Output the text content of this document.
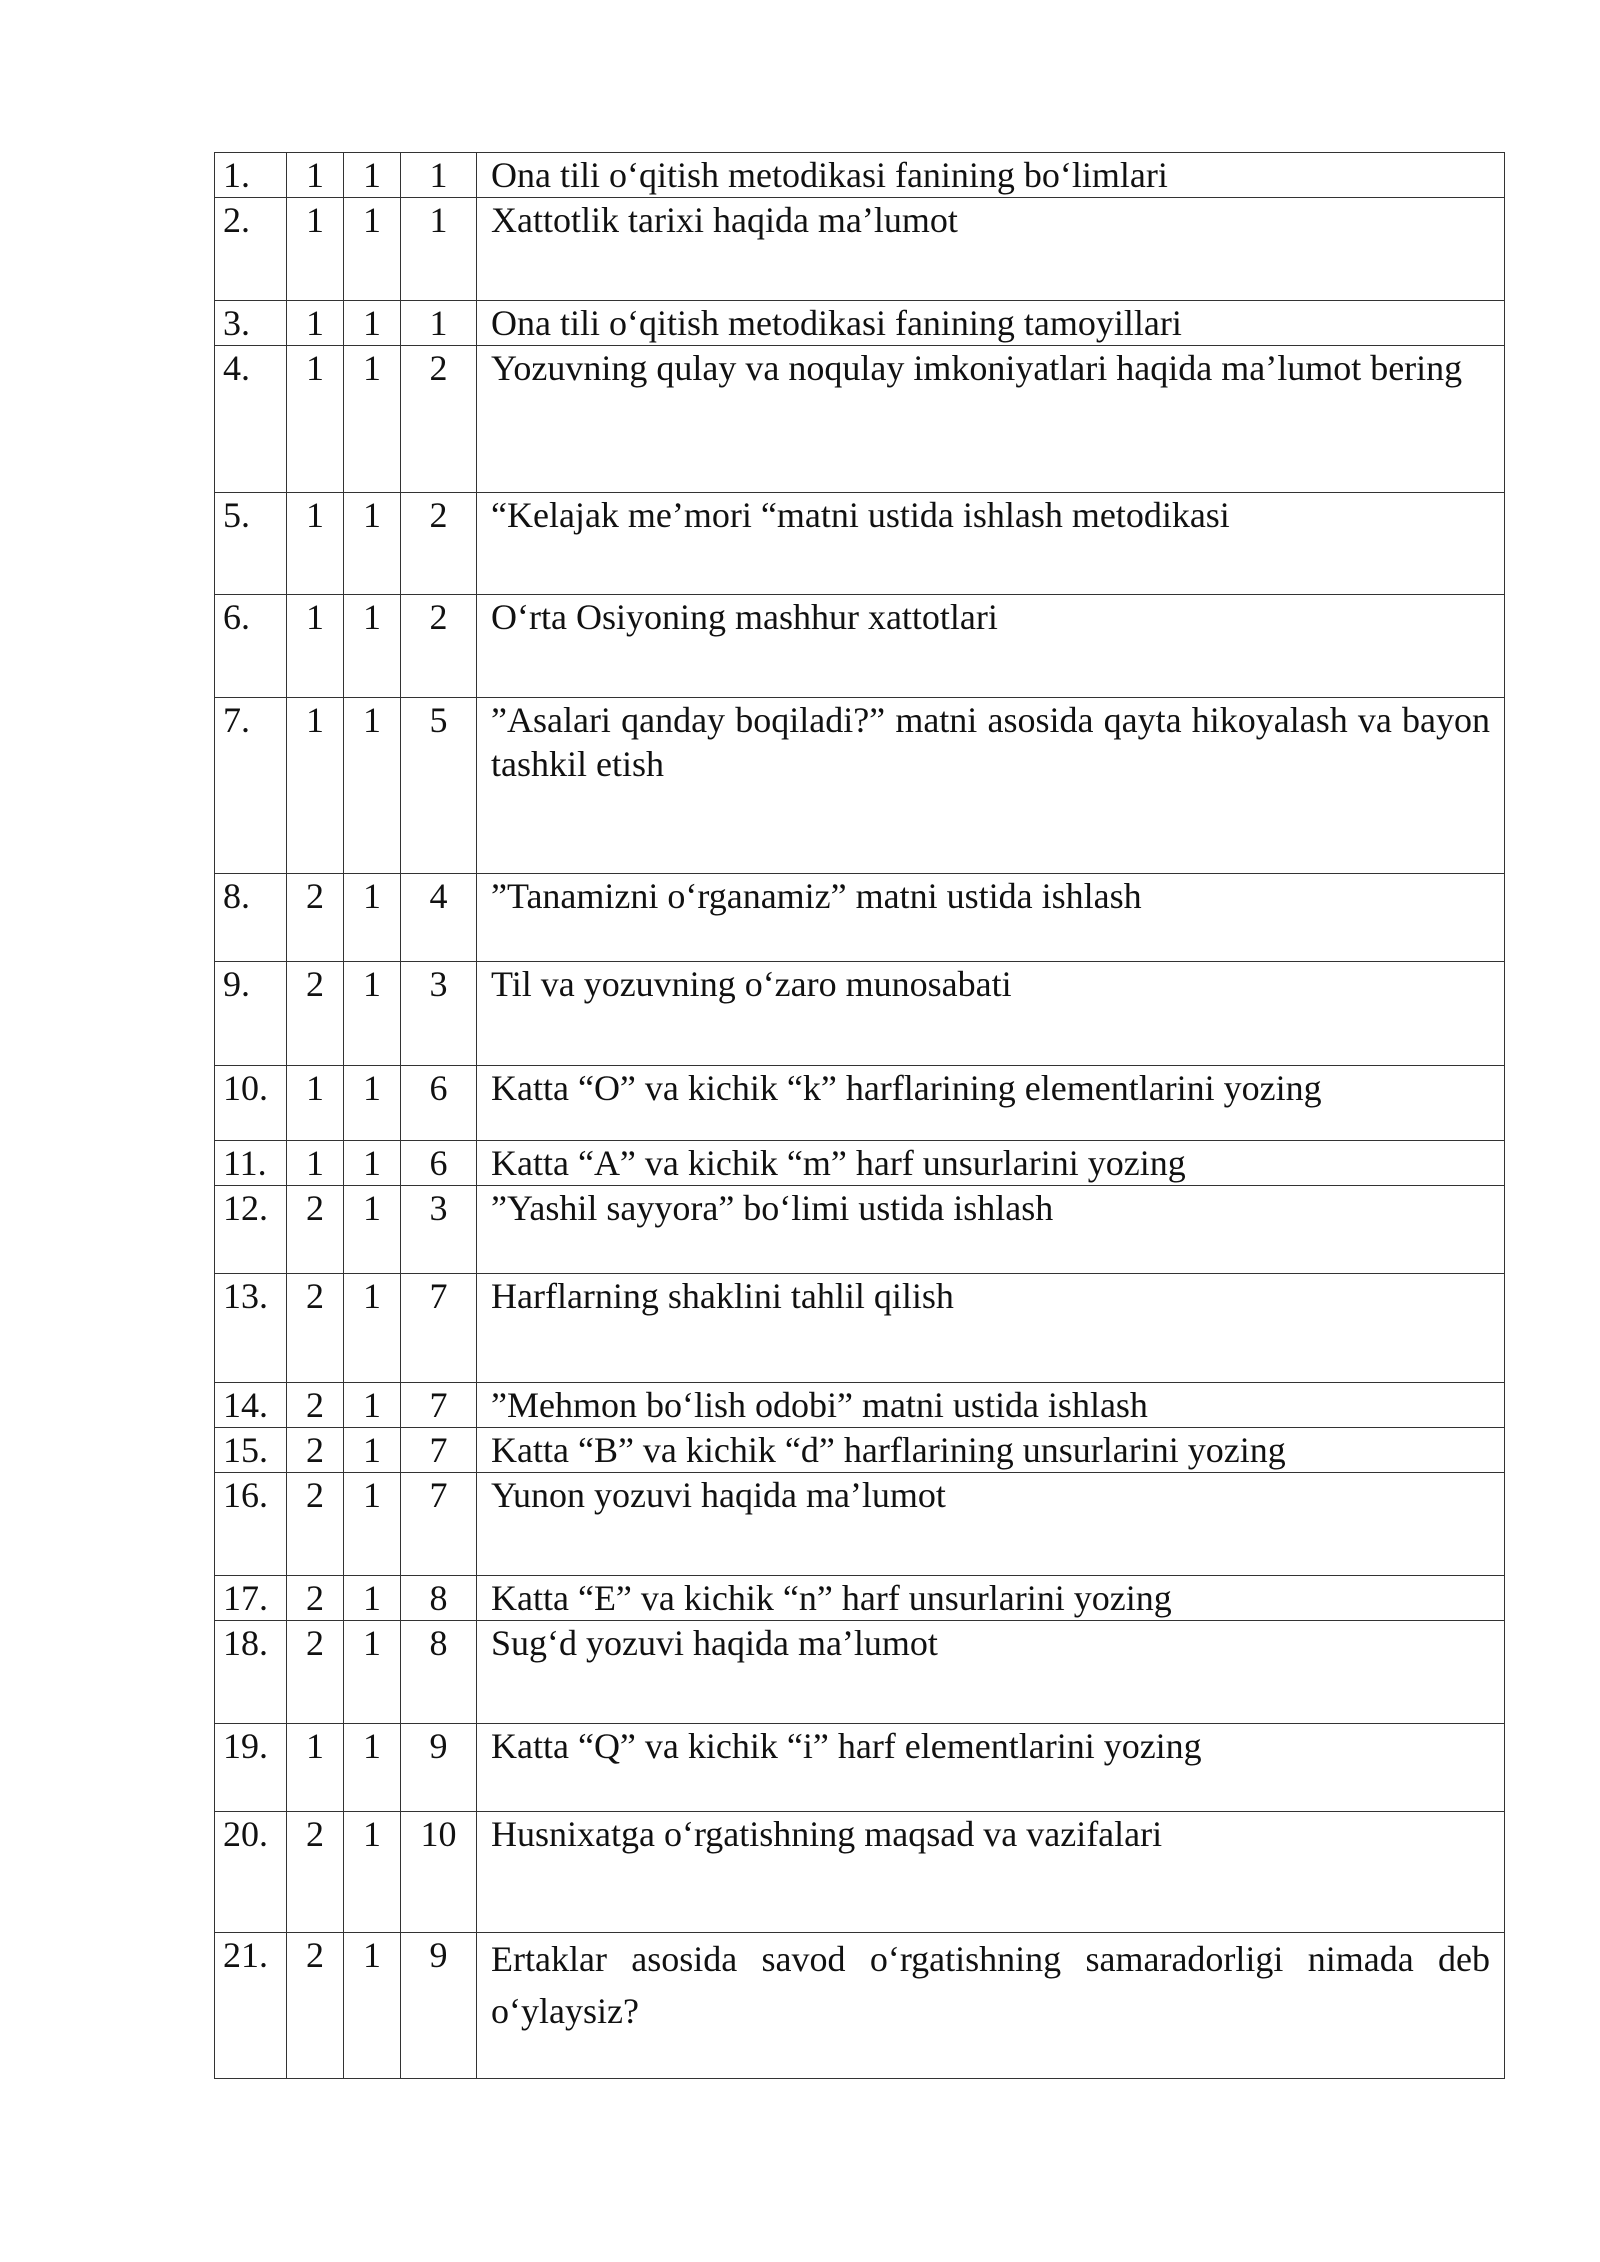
1.	1	1	1	Ona tili o‘qitish metodikasi fanining bo‘limlari
2.	1	1	1	Xattotlik tarixi haqida ma’lumot
3.	1	1	1	Ona tili o‘qitish metodikasi fanining tamoyillari
4.	1	1	2	Yozuvning qulay va noqulay imkoniyatlari haqida ma’lumot bering
5.	1	1	2	“Kelajak me’mori “matni ustida ishlash metodikasi
6.	1	1	2	O‘rta Osiyoning mashhur xattotlari
7.	1	1	5	”Asalari qanday boqiladi?” matni asosida qayta hikoyalash va bayon tashkil etish
8.	2	1	4	”Tanamizni o‘rganamiz” matni ustida ishlash
9.	2	1	3	Til va yozuvning o‘zaro munosabati
10.	1	1	6	Katta “O” va kichik “k” harflarining elementlarini yozing
11.	1	1	6	Katta “A” va kichik “m” harf unsurlarini yozing
12.	2	1	3	”Yashil sayyora” bo‘limi ustida ishlash
13.	2	1	7	Harflarning shaklini tahlil qilish
14.	2	1	7	”Mehmon bo‘lish odobi” matni ustida ishlash
15.	2	1	7	Katta “B” va kichik “d” harflarining unsurlarini yozing
16.	2	1	7	Yunon yozuvi haqida ma’lumot
17.	2	1	8	Katta “E” va kichik “n” harf unsurlarini yozing
18.	2	1	8	Sug‘d yozuvi haqida ma’lumot
19.	1	1	9	Katta “Q” va kichik “i” harf elementlarini yozing
20.	2	1	10	Husnixatga o‘rgatishning maqsad va vazifalari
21.	2	1	9	Ertaklar asosida savod o‘rgatishning samaradorligi nimada deb o‘ylaysiz?
